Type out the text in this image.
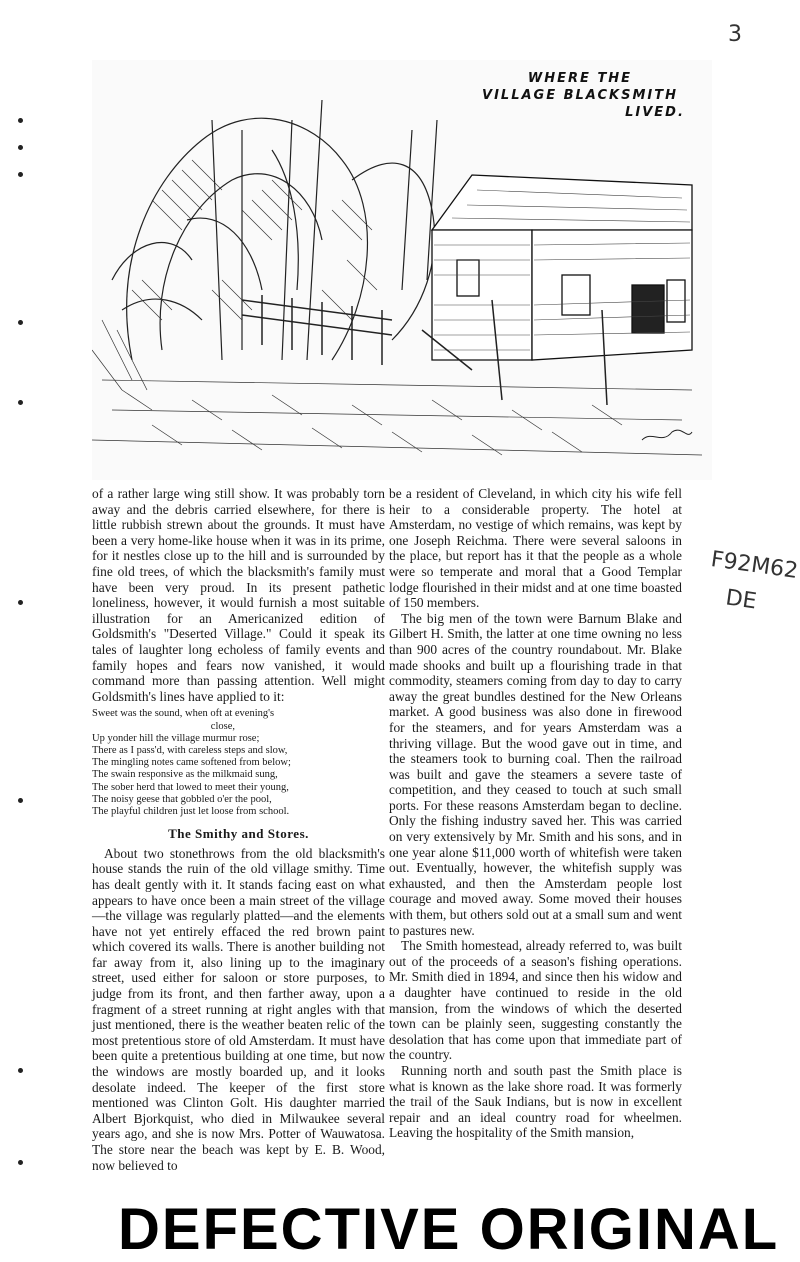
3
WHERE THE
VILLAGE BLACKSMITH
LIVED.

of a rather large wing still show. It was probably torn away and the debris carried elsewhere, for there is little rubbish strewn about the grounds. It must have been a very home-like house when it was in its prime, for it nestles close up to the hill and is surrounded by fine old trees, of which the blacksmith's family must have been very proud. In its present pathetic loneliness, however, it would furnish a most suitable illustration for an Americanized edition of Goldsmith's "Deserted Village." Could it speak its tales of laughter long echoless of family events and family hopes and fears now vanished, it would command more than passing attention. Well might Goldsmith's lines have applied to it:

Sweet was the sound, when oft at evening's
close,
Up yonder hill the village murmur rose;
There as I pass'd, with careless steps and slow,
The mingling notes came softened from below;
The swain responsive as the milkmaid sung,
The sober herd that lowed to meet their young,
The noisy geese that gobbled o'er the pool,
The playful children just let loose from school.
The Smithy and Stores.

About two stonethrows from the old blacksmith's house stands the ruin of the old village smithy. Time has dealt gently with it. It stands facing east on what appears to have once been a main street of the village—the village was regularly platted—and the elements have not yet entirely effaced the red brown paint which covered its walls. There is another building not far away from it, also lining up to the imaginary street, used either for saloon or store purposes, to judge from its front, and then farther away, upon a fragment of a street running at right angles with that just mentioned, there is the weather beaten relic of the most pretentious store of old Amsterdam. It must have been quite a pretentious building at one time, but now the windows are mostly boarded up, and it looks desolate indeed. The keeper of the first store mentioned was Clinton Golt. His daughter married Albert Bjorkquist, who died in Milwaukee several years ago, and she is now Mrs. Potter of Wauwatosa. The store near the beach was kept by E. B. Wood, now believed to

be a resident of Cleveland, in which city his wife fell heir to a considerable property. The hotel at Amsterdam, no vestige of which remains, was kept by one Joseph Reichma. There were several saloons in the place, but report has it that the people as a whole were so temperate and moral that a Good Templar lodge flourished in their midst and at one time boasted of 150 members.

The big men of the town were Barnum Blake and Gilbert H. Smith, the latter at one time owning no less than 900 acres of the country roundabout. Mr. Blake made shooks and built up a flourishing trade in that commodity, steamers coming from day to day to carry away the great bundles destined for the New Orleans market. A good business was also done in firewood for the steamers, and for years Amsterdam was a thriving village. But the wood gave out in time, and the steamers took to burning coal. Then the railroad was built and gave the steamers a severe taste of competition, and they ceased to touch at such small ports. For these reasons Amsterdam began to decline. Only the fishing industry saved her. This was carried on very extensively by Mr. Smith and his sons, and in one year alone $11,000 worth of whitefish were taken out. Eventually, however, the whitefish supply was exhausted, and then the Amsterdam people lost courage and moved away. Some moved their houses with them, but others sold out at a small sum and went to pastures new.

The Smith homestead, already referred to, was built out of the proceeds of a season's fishing operations. Mr. Smith died in 1894, and since then his widow and a daughter have continued to reside in the old mansion, from the windows of which the deserted town can be plainly seen, suggesting constantly the desolation that has come upon that immediate part of the country.

Running north and south past the Smith place is what is known as the lake shore road. It was formerly the trail of the Sauk Indians, but is now in excellent repair and an ideal country road for wheelmen. Leaving the hospitality of the Smith mansion,

F92M62
DE
DEFECTIVE ORIGINAL
